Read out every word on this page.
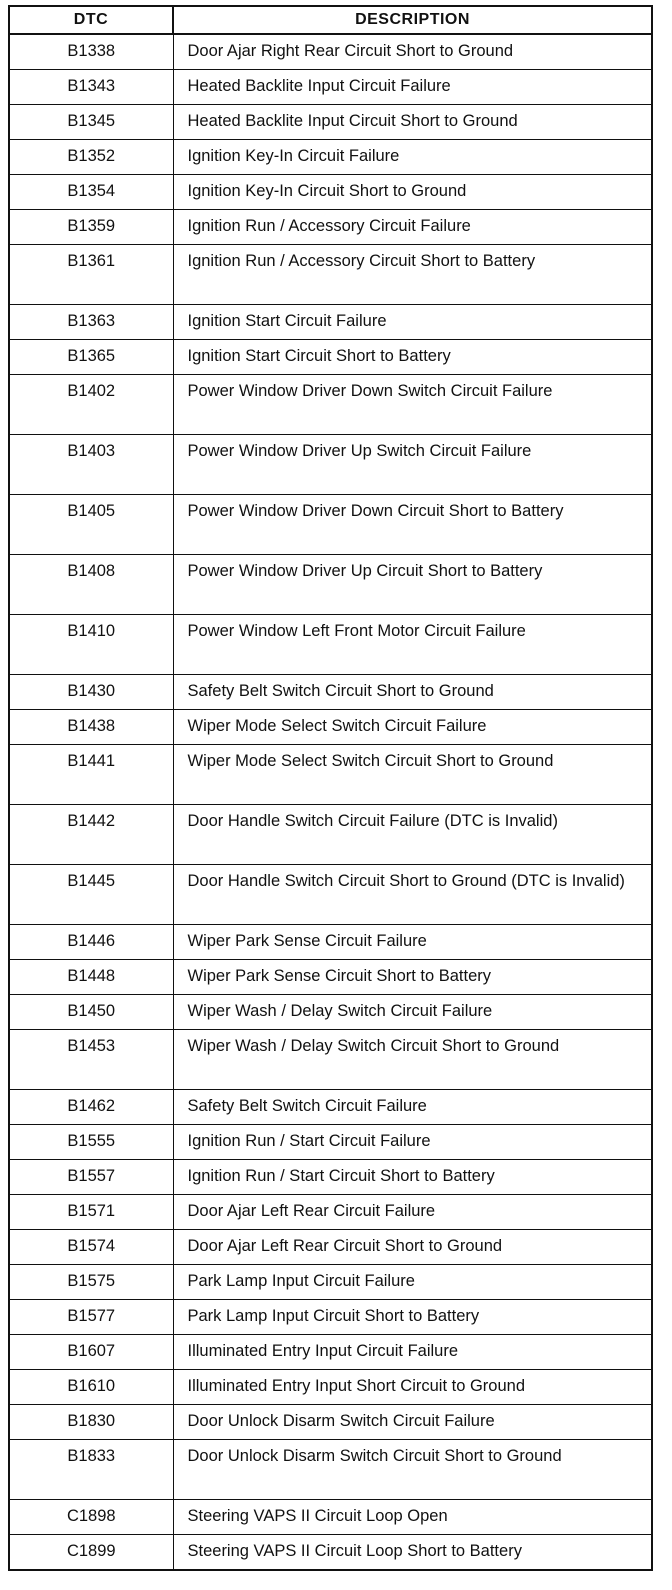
DTC	DESCRIPTION
B1338	Door Ajar Right Rear Circuit Short to Ground
B1343	Heated Backlite Input Circuit Failure
B1345	Heated Backlite Input Circuit Short to Ground
B1352	Ignition Key-In Circuit Failure
B1354	Ignition Key-In Circuit Short to Ground
B1359	Ignition Run / Accessory Circuit Failure
B1361	Ignition Run / Accessory Circuit Short to Battery
B1363	Ignition Start Circuit Failure
B1365	Ignition Start Circuit Short to Battery
B1402	Power Window Driver Down Switch Circuit Failure
B1403	Power Window Driver Up Switch Circuit Failure
B1405	Power Window Driver Down Circuit Short to Battery
B1408	Power Window Driver Up Circuit Short to Battery
B1410	Power Window Left Front Motor Circuit Failure
B1430	Safety Belt Switch Circuit Short to Ground
B1438	Wiper Mode Select Switch Circuit Failure
B1441	Wiper Mode Select Switch Circuit Short to Ground
B1442	Door Handle Switch Circuit Failure (DTC is Invalid)
B1445	Door Handle Switch Circuit Short to Ground (DTC is Invalid)
B1446	Wiper Park Sense Circuit Failure
B1448	Wiper Park Sense Circuit Short to Battery
B1450	Wiper Wash / Delay Switch Circuit Failure
B1453	Wiper Wash / Delay Switch Circuit Short to Ground
B1462	Safety Belt Switch Circuit Failure
B1555	Ignition Run / Start Circuit Failure
B1557	Ignition Run / Start Circuit Short to Battery
B1571	Door Ajar Left Rear Circuit Failure
B1574	Door Ajar Left Rear Circuit Short to Ground
B1575	Park Lamp Input Circuit Failure
B1577	Park Lamp Input Circuit Short to Battery
B1607	Illuminated Entry Input Circuit Failure
B1610	Illuminated Entry Input Short Circuit to Ground
B1830	Door Unlock Disarm Switch Circuit Failure
B1833	Door Unlock Disarm Switch Circuit Short to Ground
C1898	Steering VAPS II Circuit Loop Open
C1899	Steering VAPS II Circuit Loop Short to Battery
